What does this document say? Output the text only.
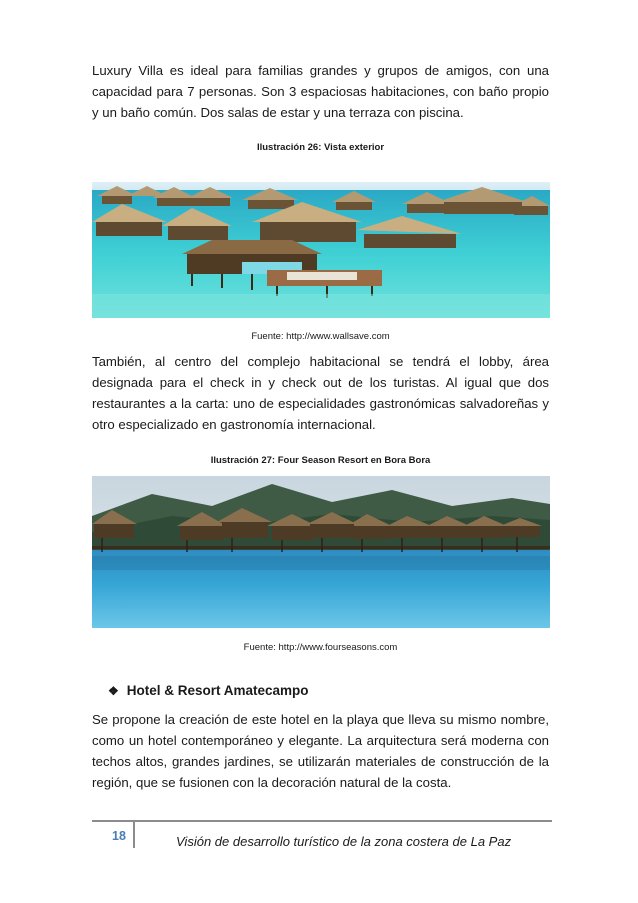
Luxury Villa es ideal para familias grandes y grupos de amigos, con una capacidad para 7 personas. Son 3 espaciosas habitaciones, con baño propio y un baño común. Dos salas de estar y una terraza con piscina.

Ilustración 26: Vista exterior

Fuente: http://www.wallsave.com

También, al centro del complejo habitacional se tendrá el lobby, área designada para el check in y check out de los turistas. Al igual que dos restaurantes a la carta: uno de especialidades gastronómicas salvadoreñas y otro especializado en gastronomía internacional.

Ilustración 27: Four Season Resort en Bora Bora

Fuente: http://www.fourseasons.com

❖ Hotel & Resort Amatecampo

Se propone la creación de este hotel en la playa que lleva su mismo nombre, como un hotel contemporáneo y elegante. La arquitectura será moderna con techos altos, grandes jardines, se utilizarán materiales de construcción de la región, que se fusionen con la decoración natural de la costa.

18	Visión de desarrollo turístico de la zona costera de La Paz
